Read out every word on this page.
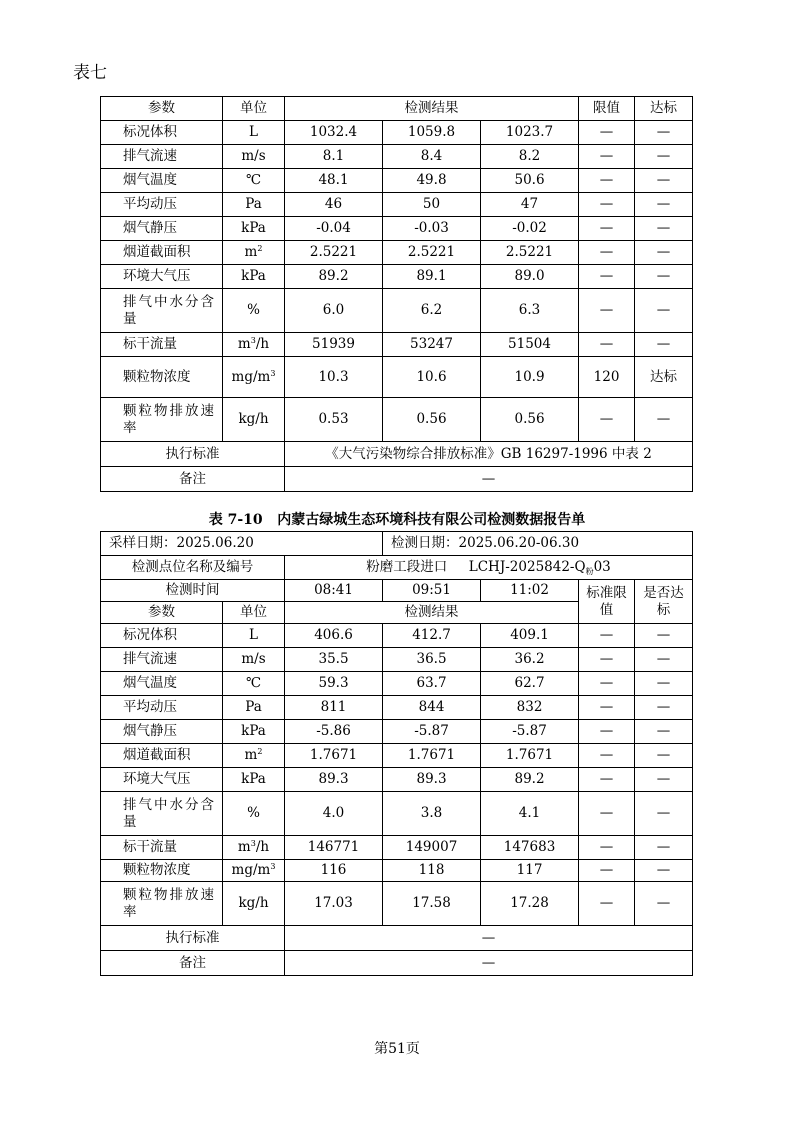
表七
参数	单位	检测结果			限值	达标
标况体积	L	1032.4	1059.8	1023.7	—	—
排气流速	m/s	8.1	8.4	8.2	—	—
烟气温度	℃	48.1	49.8	50.6	—	—
平均动压	Pa	46	50	47	—	—
烟气静压	kPa	-0.04	-0.03	-0.02	—	—
烟道截面积	$m^2$	2.5221	2.5221	2.5221	—	—
环境大气压	kPa	89.2	89.1	89.0	—	—
排气中水分含量	%	6.0	6.2	6.3	—	—
标干流量	$m^3/h$	51939	53247	51504	—	—
颗粒物浓度	$mg/m^3$	10.3	10.6	10.9	120	达标
颗粒物排放速率	kg/h	0.53	0.56	0.56	—	—
执行标准		《大气污染物综合排放标准》GB 16297-1996 中表 2				
备注		—				
表 7-10 内蒙古绿城生态环境科技有限公司检测数据报告单
采样日期：2025.06.20			检测日期：2025.06.20-06.30			
检测点位名称及编号		粉磨工段进口 LCHJ-$2025842-Q_粉03$				
检测时间		08:41	09:51	11:02	标准限值	是否达标
参数	单位	检测结果				
标况体积	L	406.6	412.7	409.1	—	—
排气流速	m/s	35.5	36.5	36.2	—	—
烟气温度	℃	59.3	63.7	62.7	—	—
平均动压	Pa	811	844	832	—	—
烟气静压	kPa	-5.86	-5.87	-5.87	—	—
烟道截面积	$m^2$	1.7671	1.7671	1.7671	—	—
环境大气压	kPa	89.3	89.3	89.2	—	—
排气中水分含量	%	4.0	3.8	4.1	—	—
标干流量	$m^3/h$	146771	149007	147683	—	—
颗粒物浓度	$mg/m^3$	116	118	117	—	—
颗粒物排放速率	kg/h	17.03	17.58	17.28	—	—
执行标准		—				
备注		—				
第51页
